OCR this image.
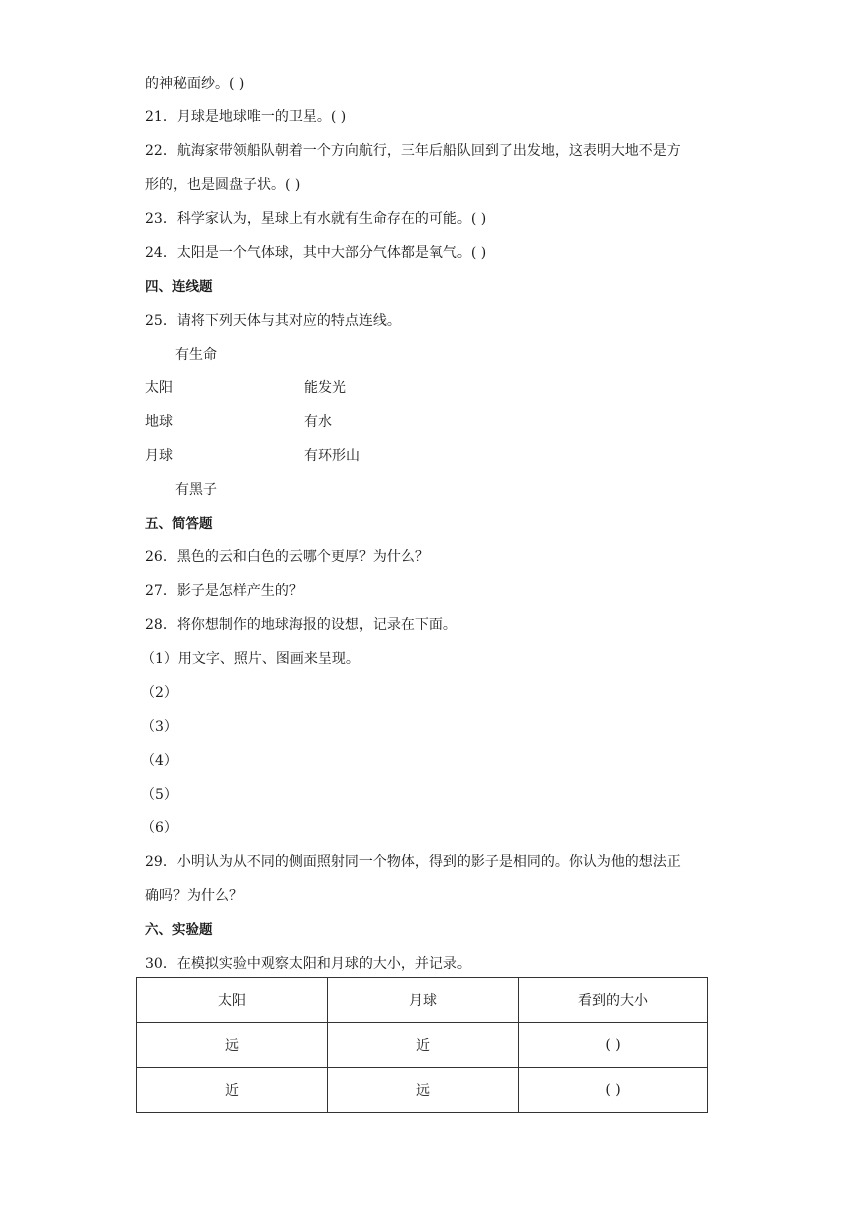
的神秘面纱。( )
21．月球是地球唯一的卫星。( )
22．航海家带领船队朝着一个方向航行，三年后船队回到了出发地，这表明大地不是方
形的，也是圆盘子状。( )
23．科学家认为，星球上有水就有生命存在的可能。( )
24．太阳是一个气体球，其中大部分气体都是氧气。( )
四、连线题
25．请将下列天体与其对应的特点连线。
有生命
太阳	能发光
地球	有水
月球	有环形山
有黑子
五、简答题
26．黑色的云和白色的云哪个更厚？为什么？
27．影子是怎样产生的？
28．将你想制作的地球海报的设想，记录在下面。
（1）用文字、照片、图画来呈现。
（2）
（3）
（4）
（5）
（6）
29．小明认为从不同的侧面照射同一个物体，得到的影子是相同的。你认为他的想法正
确吗？为什么？
六、实验题
30．在模拟实验中观察太阳和月球的大小，并记录。
太阳	月球	看到的大小
远	近	( )
近	远	( )
